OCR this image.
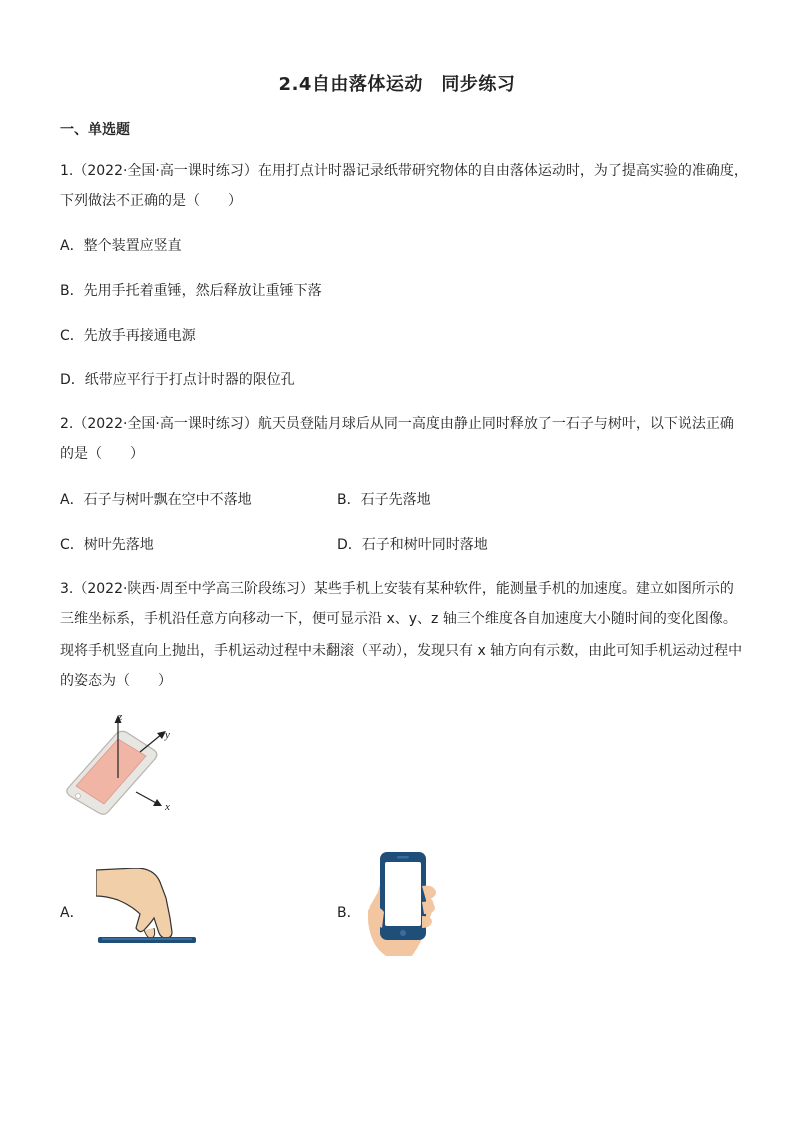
2.4自由落体运动　同步练习
一、单选题
1.（2022·全国·高一课时练习）在用打点计时器记录纸带研究物体的自由落体运动时，为了提高实验的准确度，
下列做法不正确的是（　　）
A．整个装置应竖直
B．先用手托着重锤，然后释放让重锤下落
C．先放手再接通电源
D．纸带应平行于打点计时器的限位孔
2.（2022·全国·高一课时练习）航天员登陆月球后从同一高度由静止同时释放了一石子与树叶，以下说法正确
的是（　　）
A．石子与树叶飘在空中不落地	B．石子先落地
C．树叶先落地	D．石子和树叶同时落地
3.（2022·陕西·周至中学高三阶段练习）某些手机上安装有某种软件，能测量手机的加速度。建立如图所示的
三维坐标系，手机沿任意方向移动一下，便可显示沿 x、y、z 轴三个维度各自加速度大小随时间的变化图像。
现将手机竖直向上抛出，手机运动过程中未翻滚（平动），发现只有 x 轴方向有示数，由此可知手机运动过程中
的姿态为（　　）
z
y
x
A．	B．
